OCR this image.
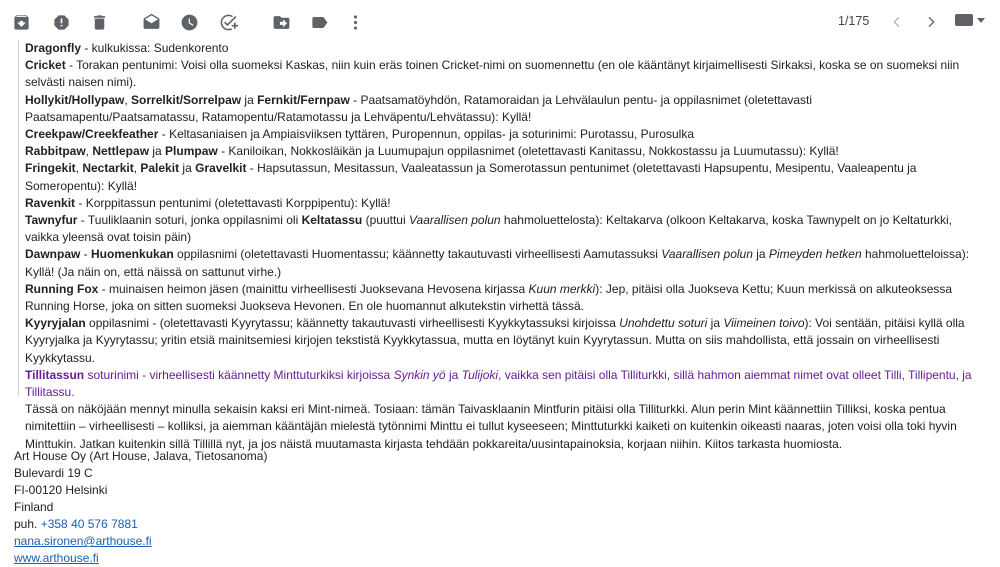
1/175

Dragonfly - kulkukissa: Sudenkorento

Cricket - Torakan pentunimi: Voisi olla suomeksi Kaskas, niin kuin eräs toinen Cricket-nimi on suomennettu (en ole kääntänyt kirjaimellisesti Sirkaksi, koska se on suomeksi niin selvästi naisen nimi).

Hollykit/Hollypaw, Sorrelkit/Sorrelpaw ja Fernkit/Fernpaw - Paatsamatöyhdön, Ratamoraidan ja Lehvälaulun pentu- ja oppilasnimet (oletettavasti Paatsamapentu/Paatsamatassu, Ratamopentu/Ratamotassu ja Lehväpentu/Lehvätassu): Kyllä!

Creekpaw/Creekfeather - Keltasaniaisen ja Ampiaisviiksen tyttären, Puropennun, oppilas- ja soturinimi: Purotassu, Purosulka

Rabbitpaw, Nettlepaw ja Plumpaw - Kaniloikan, Nokkosläikän ja Luumupajun oppilasnimet (oletettavasti Kanitassu, Nokkostassu ja Luumutassu): Kyllä!

Fringekit, Nectarkit, Palekit ja Gravelkit - Hapsutassun, Mesitassun, Vaaleatassun ja Somerotassun pentunimet (oletettavasti Hapsupentu, Mesipentu, Vaaleapentu ja Someropentu): Kyllä!

Ravenkit - Korppitassun pentunimi (oletettavasti Korppipentu): Kyllä!

Tawnyfur - Tuuliklaanin soturi, jonka oppilasnimi oli Keltatassu (puuttui Vaarallisen polun hahmoluettelosta): Keltakarva (olkoon Keltakarva, koska Tawnypelt on jo Keltaturkki, vaikka yleensä ovat toisin päin)

Dawnpaw - Huomenkukan oppilasnimi (oletettavasti Huomentassu; käännetty takautuvasti virheellisesti Aamutassuksi Vaarallisen polun ja Pimeyden hetken hahmoluetteloissa): Kyllä! (Ja näin on, että näissä on sattunut virhe.)

Running Fox - muinaisen heimon jäsen (mainittu virheellisesti Juoksevana Hevosena kirjassa Kuun merkki): Jep, pitäisi olla Juokseva Kettu; Kuun merkissä on alkuteoksessa Running Horse, joka on sitten suomeksi Juokseva Hevonen. En ole huomannut alkutekstin virhettä tässä.

Kyyryjalan oppilasnimi - (oletettavasti Kyyrytassu; käännetty takautuvasti virheellisesti Kyykkytassuksi kirjoissa Unohdettu soturi ja Viimeinen toivo): Voi sentään, pitäisi kyllä olla Kyyryjalka ja Kyyrytassu; yritin etsiä mainitsemiesi kirjojen tekstistä Kyykkytassua, mutta en löytänyt kuin Kyyrytassun. Mutta on siis mahdollista, että jossain on virheellisesti Kyykkytassu.

Tillitassun soturinimi - virheellisesti käännetty Minttuturkiksi kirjoissa Synkin yö ja Tulijoki, vaikka sen pitäisi olla Tilliturkki, sillä hahmon aiemmat nimet ovat olleet Tilli, Tillipentu, ja Tillitassu.

Tässä on näköjään mennyt minulla sekaisin kaksi eri Mint-nimeä. Tosiaan: tämän Taivasklaanin Mintfurin pitäisi olla Tilliturkki. Alun perin Mint käännettiin Tilliksi, koska pentua nimitettiin – virheellisesti – kolliksi, ja aiemman kääntäjän mielestä tytönnimi Minttu ei tullut kyseeseen; Minttuturkki kaiketi on kuitenkin oikeasti naaras, joten voisi olla toki hyvin Minttukin. Jatkan kuitenkin sillä Tillillä nyt, ja jos näistä muutamasta kirjasta tehdään pokkareita/uusintapainoksia, korjaan niihin. Kiitos tarkasta huomiosta.

Art House Oy (Art House, Jalava, Tietosanoma)
Bulevardi 19 C
FI-00120 Helsinki
Finland
puh. +358 40 576 7881
nana.sironen@arthouse.fi
www.arthouse.fi
